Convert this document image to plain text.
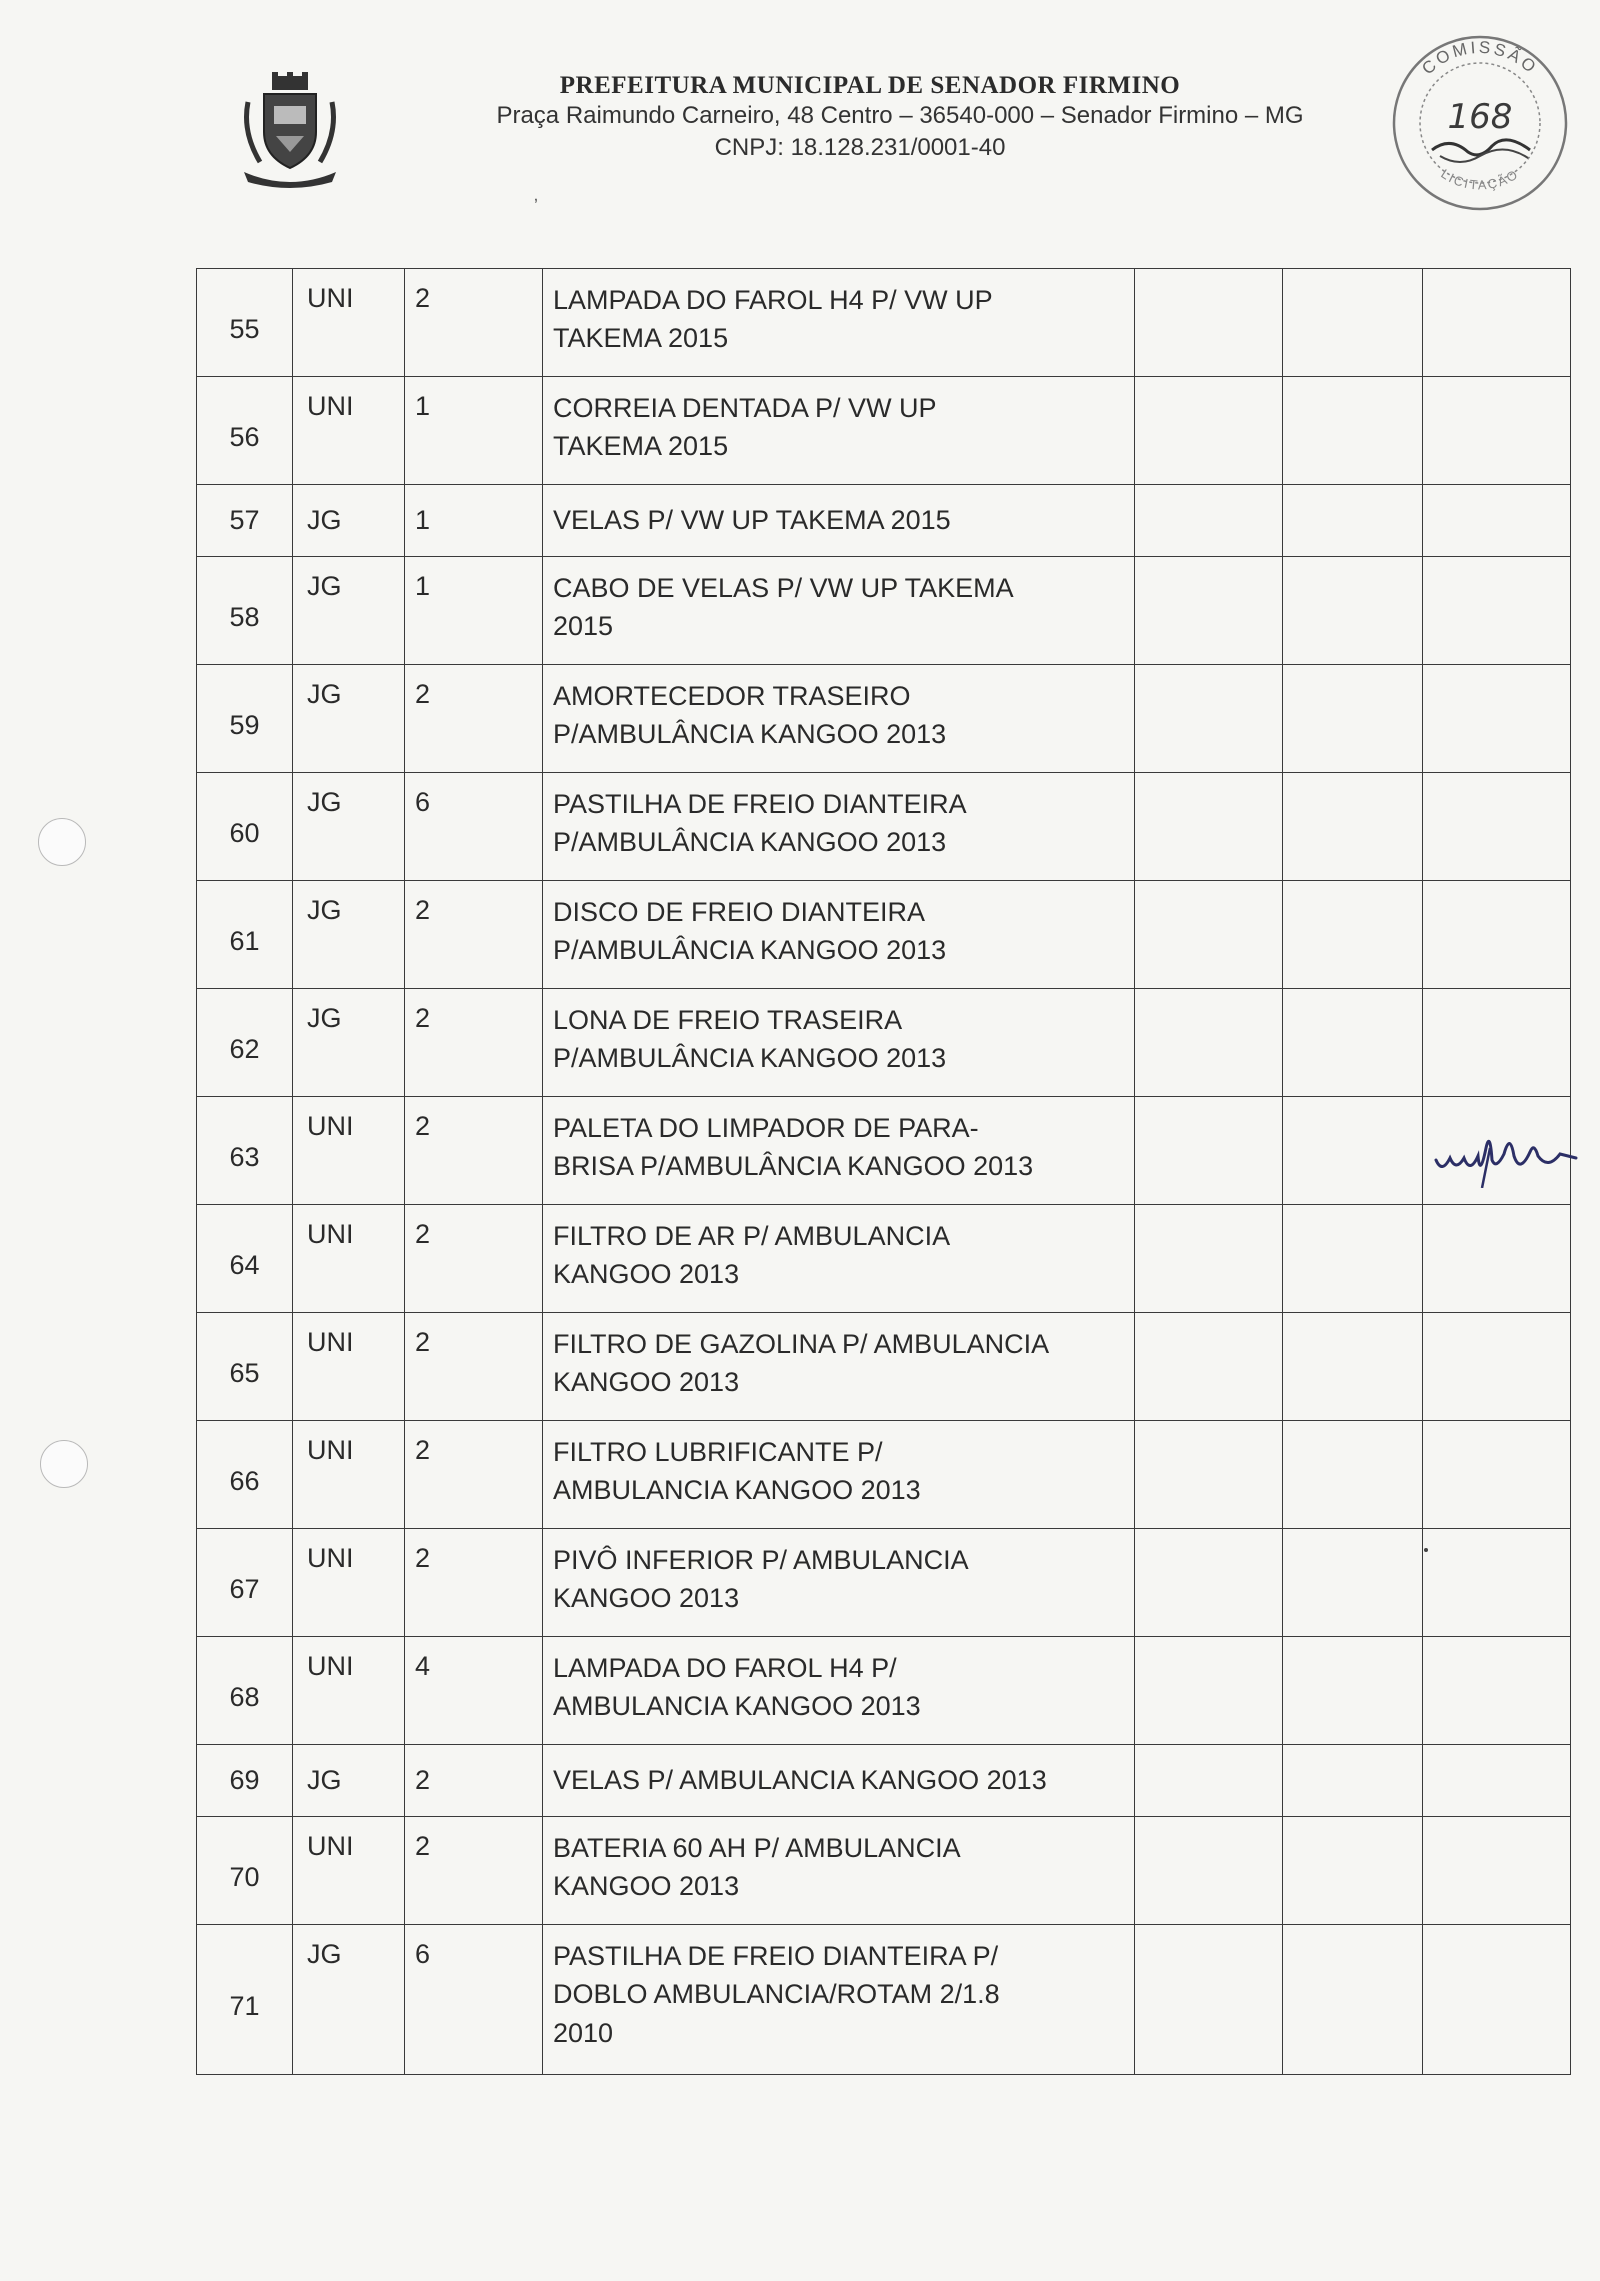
PREFEITURA MUNICIPAL DE SENADOR FIRMINO
Praça Raimundo Carneiro, 48 Centro – 36540-000 – Senador Firmino – MG
CNPJ: 18.128.231/0001-40
ʼ
COMISSÃO
LICITAÇÃO
168
55	UNI	2	LAMPADA DO FAROL H4 P/ VW UP
TAKEMA 2015			

56	UNI	1	CORREIA DENTADA P/ VW UP
TAKEMA 2015			

57	JG	1	VELAS P/ VW UP TAKEMA 2015			

58	JG	1	CABO DE VELAS P/ VW UP TAKEMA
2015			

59	JG	2	AMORTECEDOR TRASEIRO
P/AMBULÂNCIA KANGOO 2013			

60	JG	6	PASTILHA DE FREIO DIANTEIRA
P/AMBULÂNCIA KANGOO 2013			

61	JG	2	DISCO DE FREIO DIANTEIRA
P/AMBULÂNCIA KANGOO 2013			

62	JG	2	LONA DE FREIO TRASEIRA
P/AMBULÂNCIA KANGOO 2013			

63	UNI	2	PALETA DO LIMPADOR DE PARA-
BRISA P/AMBULÂNCIA KANGOO 2013			

64	UNI	2	FILTRO DE AR P/ AMBULANCIA
KANGOO 2013			

65	UNI	2	FILTRO DE GAZOLINA P/ AMBULANCIA
KANGOO 2013			

66	UNI	2	FILTRO LUBRIFICANTE P/
AMBULANCIA KANGOO 2013			

67	UNI	2	PIVÔ INFERIOR P/ AMBULANCIA
KANGOO 2013			

68	UNI	4	LAMPADA DO FAROL H4 P/
AMBULANCIA KANGOO 2013			

69	JG	2	VELAS P/ AMBULANCIA KANGOO 2013			

70	UNI	2	BATERIA 60 AH P/ AMBULANCIA
KANGOO 2013			

71	JG	6	PASTILHA DE FREIO DIANTEIRA P/
DOBLO AMBULANCIA/ROTAM 2/1.8
2010			
